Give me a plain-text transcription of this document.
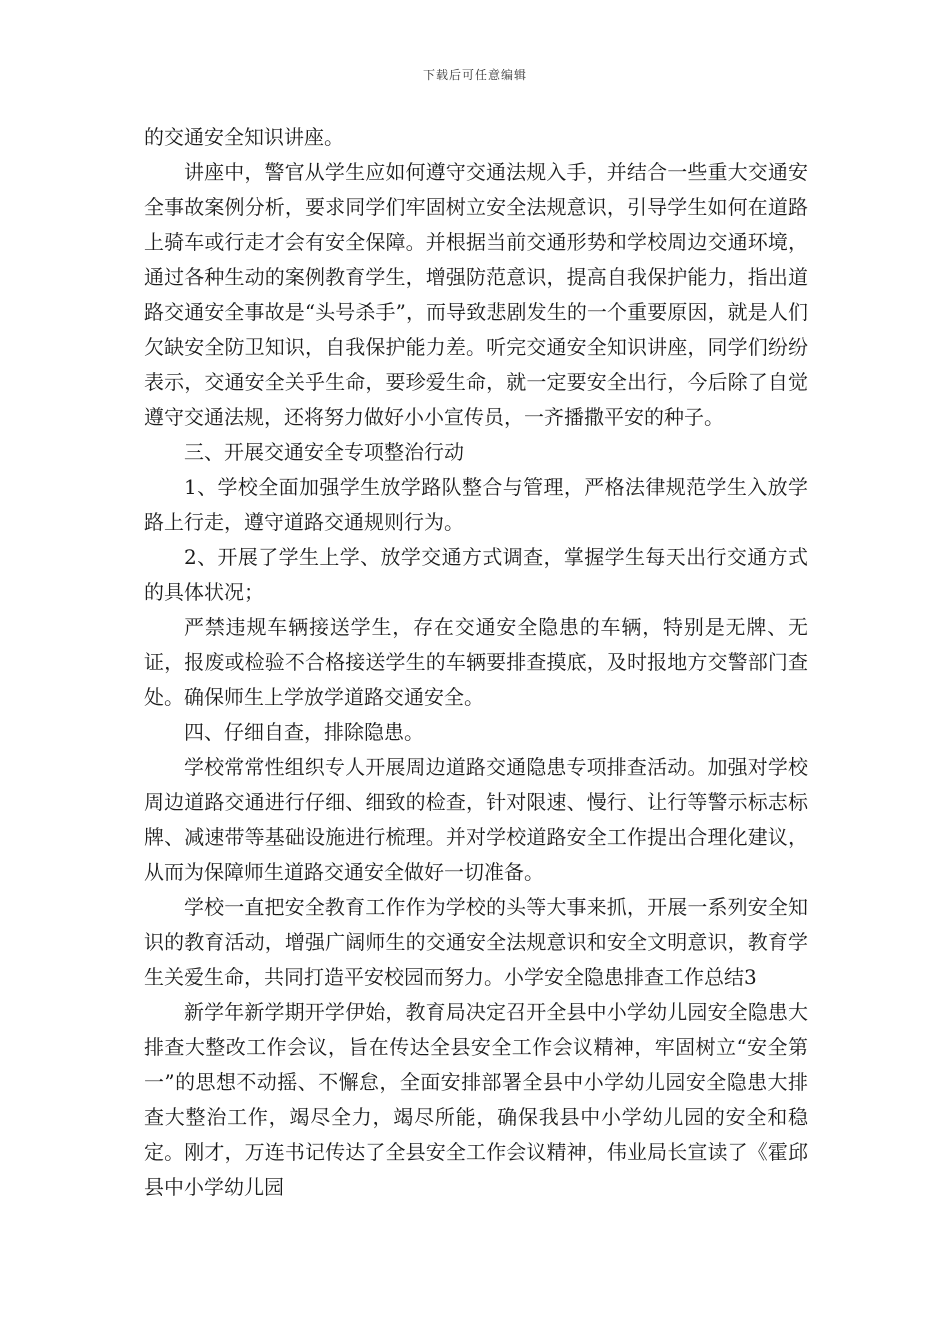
下载后可任意编辑

的交通安全知识讲座。

讲座中，警官从学生应如何遵守交通法规入手，并结合一些重大交通安全事故案例分析，要求同学们牢固树立安全法规意识，引导学生如何在道路上骑车或行走才会有安全保障。并根据当前交通形势和学校周边交通环境，通过各种生动的案例教育学生，增强防范意识，提高自我保护能力，指出道路交通安全事故是“头号杀手”，而导致悲剧发生的一个重要原因，就是人们欠缺安全防卫知识，自我保护能力差。听完交通安全知识讲座，同学们纷纷表示，交通安全关乎生命，要珍爱生命，就一定要安全出行，今后除了自觉遵守交通法规，还将努力做好小小宣传员，一齐播撒平安的种子。

三、开展交通安全专项整治行动

1、学校全面加强学生放学路队整合与管理，严格法律规范学生入放学路上行走，遵守道路交通规则行为。

2、开展了学生上学、放学交通方式调查，掌握学生每天出行交通方式的具体状况；

严禁违规车辆接送学生，存在交通安全隐患的车辆，特别是无牌、无证，报废或检验不合格接送学生的车辆要排查摸底，及时报地方交警部门查处。确保师生上学放学道路交通安全。

四、仔细自查，排除隐患。

学校常常性组织专人开展周边道路交通隐患专项排查活动。加强对学校周边道路交通进行仔细、细致的检查，针对限速、慢行、让行等警示标志标牌、减速带等基础设施进行梳理。并对学校道路安全工作提出合理化建议，从而为保障师生道路交通安全做好一切准备。

学校一直把安全教育工作作为学校的头等大事来抓，开展一系列安全知识的教育活动，增强广阔师生的交通安全法规意识和安全文明意识，教育学生关爱生命，共同打造平安校园而努力。小学安全隐患排查工作总结3

新学年新学期开学伊始，教育局决定召开全县中小学幼儿园安全隐患大排查大整改工作会议，旨在传达全县安全工作会议精神，牢固树立“安全第一”的思想不动摇、不懈怠，全面安排部署全县中小学幼儿园安全隐患大排查大整治工作，竭尽全力，竭尽所能，确保我县中小学幼儿园的安全和稳定。刚才，万连书记传达了全县安全工作会议精神，伟业局长宣读了《霍邱县中小学幼儿园
